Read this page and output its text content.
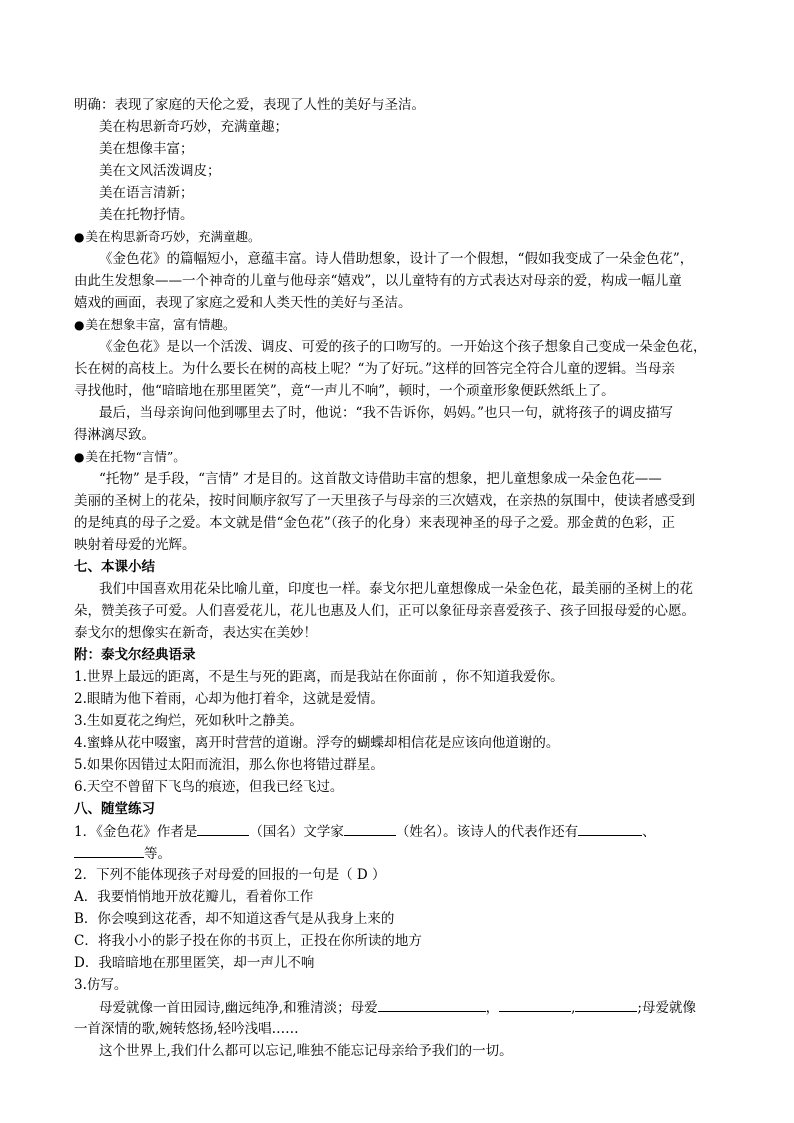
明确：表现了家庭的天伦之爱，表现了人性的美好与圣洁。
美在构思新奇巧妙，充满童趣；
美在想像丰富；
美在文风活泼调皮；
美在语言清新；
美在托物抒情。
●美在构思新奇巧妙，充满童趣。
《金色花》的篇幅短小，意蕴丰富。诗人借助想象，设计了一个假想，“假如我变成了一朵金色花”，
由此生发想象——一个神奇的儿童与他母亲“嬉戏”，以儿童特有的方式表达对母亲的爱，构成一幅儿童
嬉戏的画面，表现了家庭之爱和人类天性的美好与圣洁。
●美在想象丰富，富有情趣。
《金色花》是以一个活泼、调皮、可爱的孩子的口吻写的。一开始这个孩子想象自己变成一朵金色花，
长在树的高枝上。为什么要长在树的高枝上呢？“为了好玩。”这样的回答完全符合儿童的逻辑。当母亲
寻找他时，他“暗暗地在那里匿笑”，竟“一声儿不响”，顿时，一个顽童形象便跃然纸上了。
最后，当母亲询问他到哪里去了时，他说：“我不告诉你，妈妈。”也只一句，就将孩子的调皮描写
得淋漓尽致。
●美在托物“言情”。
“托物” 是手段，“言情” 才是目的。这首散文诗借助丰富的想象，把儿童想象成一朵金色花——
美丽的圣树上的花朵，按时间顺序叙写了一天里孩子与母亲的三次嬉戏，在亲热的氛围中，使读者感受到
的是纯真的母子之爱。本文就是借“金色花”（孩子的化身）来表现神圣的母子之爱。那金黄的色彩，正
映射着母爱的光辉。
七、本课小结
我们中国喜欢用花朵比喻儿童，印度也一样。泰戈尔把儿童想像成一朵金色花，最美丽的圣树上的花
朵，赞美孩子可爱。人们喜爱花儿，花儿也惠及人们，正可以象征母亲喜爱孩子、孩子回报母爱的心愿。
泰戈尔的想像实在新奇，表达实在美妙！
附：泰戈尔经典语录
1.世界上最远的距离，不是生与死的距离，而是我站在你面前 ，你不知道我爱你。
2.眼睛为他下着雨，心却为他打着伞，这就是爱情。
3.生如夏花之绚烂，死如秋叶之静美。
4.蜜蜂从花中啜蜜，离开时营营的道谢。浮夸的蝴蝶却相信花是应该向他道谢的。
5.如果你因错过太阳而流泪，那么你也将错过群星。
6.天空不曾留下飞鸟的痕迹，但我已经飞过。
八、随堂练习
1．《金色花》作者是	（国名）文学家	（姓名）。该诗人的代表作还有	、
等。
2．下列不能体现孩子对母爱的回报的一句是（ D ）
A．我要悄悄地开放花瓣儿，看着你工作
B．你会嗅到这花香，却不知道这香气是从我身上来的
C．将我小小的影子投在你的书页上，正投在你所读的地方
D．我暗暗地在那里匿笑，却一声儿不响
3.仿写。
母爱就像一首田园诗,幽远纯净,和雅清淡；母爱	，	,	;母爱就像
一首深情的歌,婉转悠扬,轻吟浅唱……
这个世界上,我们什么都可以忘记,唯独不能忘记母亲给予我们的一切。
